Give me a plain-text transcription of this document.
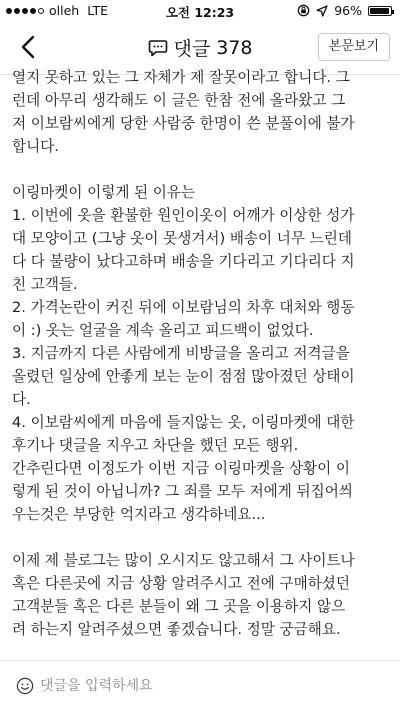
olleh LTE	오전 12:23	96%
댓글 378	본문보기
열지 못하고 있는 그 자체가 제 잘못이라고 합니다. 그
런데 아무리 생각해도 이 글은 한참 전에 올라왔고 그
저 이보람씨에게 당한 사람중 한명이 쓴 분풀이에 불가
합니다.
이링마켓이 이렇게 된 이유는
1. 이번에 옷을 환불한 원인이옷이 어깨가 이상한 성가
대 모양이고 (그냥 옷이 못생겨서) 배송이 너무 느린데
다 다 불량이 났다고하며 배송을 기다리고 기다리다 지
친 고객들.
2. 가격논란이 커진 뒤에 이보람님의 차후 대처와 행동
이 :) 옷는 얼굴을 계속 올리고 피드백이 없었다.
3. 지금까지 다른 사람에게 비방글을 올리고 저격글을
올렸던 일상에 안좋게 보는 눈이 점점 많아졌던 상태이
다.
4. 이보람씨에게 마음에 들지않는 옷, 이링마켓에 대한
후기나 댓글을 지우고 차단을 했던 모든 행위.
간추린다면 이정도가 이번 지금 이링마켓을 상황이 이
렇게 된 것이 아닙니까? 그 죄를 모두 저에게 뒤집어씌
우는것은 부당한 억지라고 생각하네요...
이제 제 블로그는 많이 오시지도 않고해서 그 사이트나
혹은 다른곳에 지금 상황 알려주시고 전에 구매하셨던
고객분들 혹은 다른 분들이 왜 그 곳을 이용하지 않으
려 하는지 알려주셨으면 좋겠습니다. 정말 궁금해요.
댓글을 입력하세요
